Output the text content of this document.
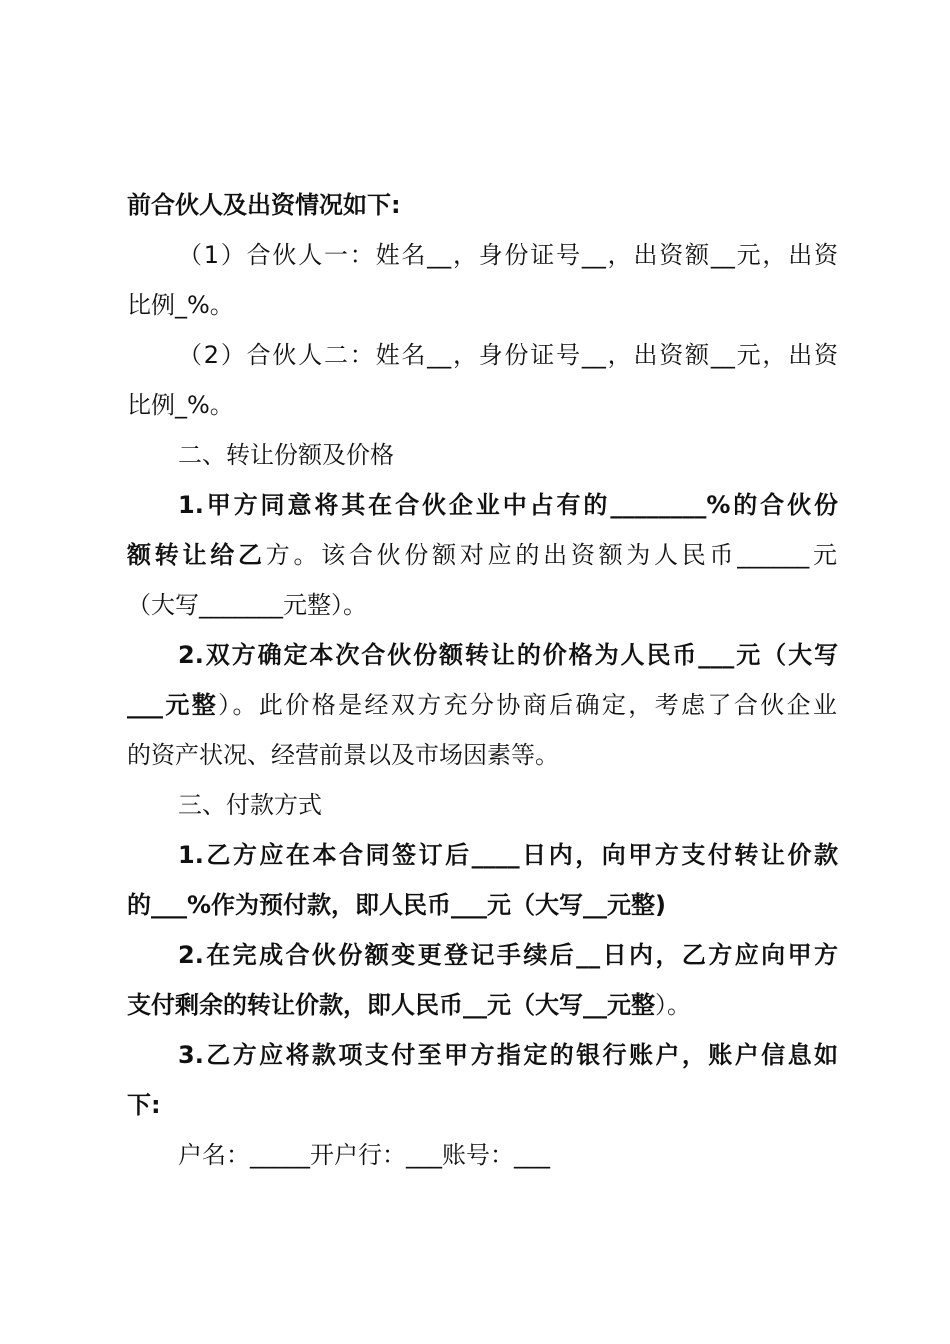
前合伙人及出资情况如下:
（1）合伙人一：姓名__，身份证号__，出资额__元，出资
比例_%。
（2）合伙人二：姓名__，身份证号__，出资额__元，出资
比例_%。
二、转让份额及价格
1.甲方同意将其在合伙企业中占有的________%的合伙份
额转让给乙方。该合伙份额对应的出资额为人民币______元
（大写_______元整）。
2.双方确定本次合伙份额转让的价格为人民币___元（大写
___元整）。此价格是经双方充分协商后确定，考虑了合伙企业
的资产状况、经营前景以及市场因素等。
三、付款方式
1.乙方应在本合同签订后____日内，向甲方支付转让价款
的___%作为预付款，即人民币___元（大写__元整)
2.在完成合伙份额变更登记手续后__日内，乙方应向甲方
支付剩余的转让价款，即人民币__元（大写__元整）。
3.乙方应将款项支付至甲方指定的银行账户，账户信息如
下:
户名：_____开户行：___账号：___
